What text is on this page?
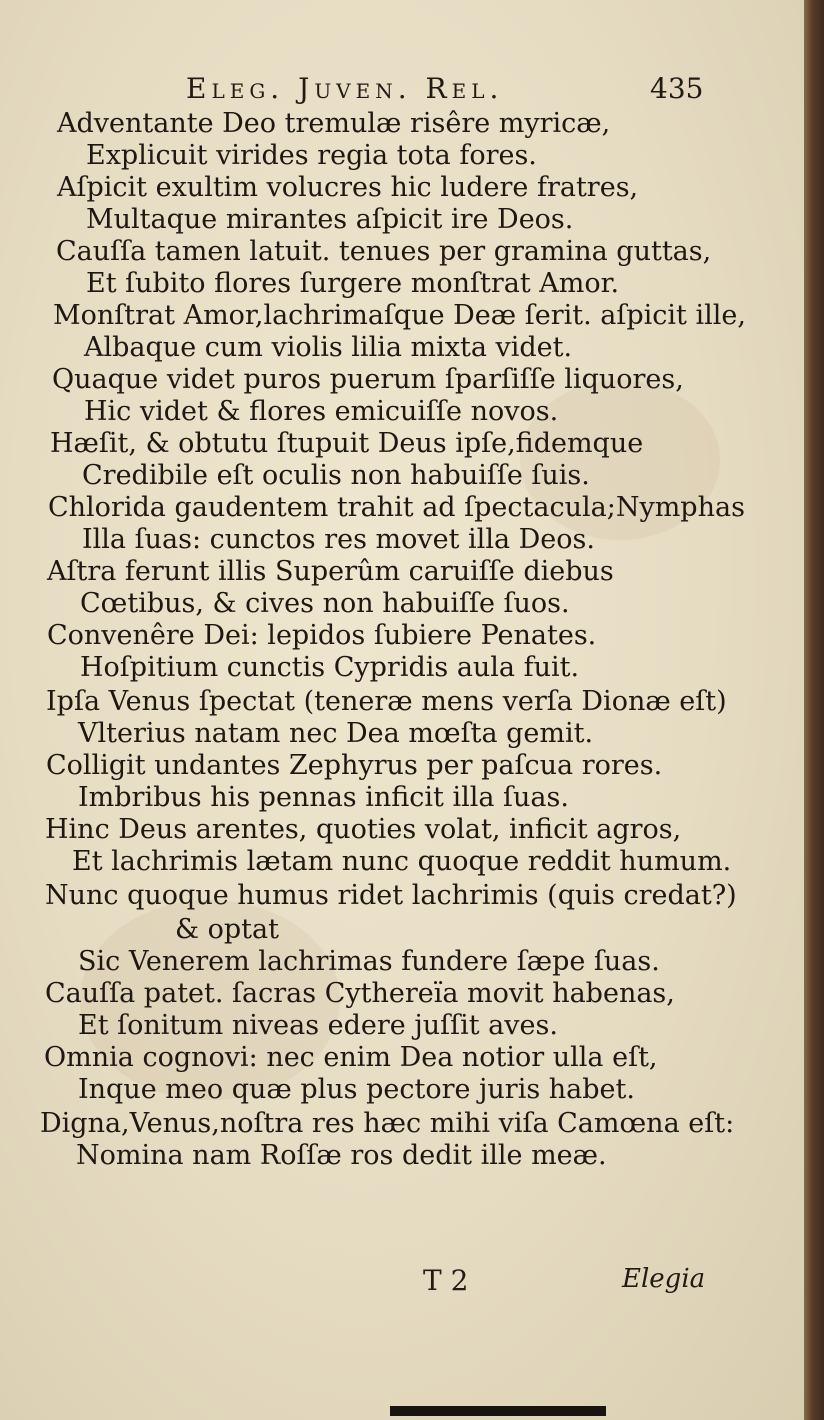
Eleg. Juven. Rel.	435
Adventante Deo tremulæ risêre myricæ,
Explicuit virides regia tota fores.
Aſpicit exultim volucres hic ludere fratres,
Multaque mirantes aſpicit ire Deos.
Cauſſa tamen latuit. tenues per gramina guttas,
Et ſubito flores ſurgere monſtrat Amor.
Monſtrat Amor,lachrimaſque Deæ ſerit. aſpicit ille,
Albaque cum violis lilia mixta videt.
Quaque videt puros puerum ſparſiſſe liquores,
Hic videt & flores emicuiſſe novos.
Hæſit, & obtutu ſtupuit Deus ipſe,fidemque
Credibile eſt oculis non habuiſſe ſuis.
Chlorida gaudentem trahit ad ſpectacula;Nymphas
Illa ſuas: cunctos res movet illa Deos.
Aſtra ferunt illis Superûm caruiſſe diebus
Cœtibus, & cives non habuiſſe ſuos.
Convenêre Dei: lepidos ſubiere Penates.
Hoſpitium cunctis Cypridis aula fuit.
Ipſa Venus ſpectat (teneræ mens verſa Dionæ eſt)
Vlterius natam nec Dea mœſta gemit.
Colligit undantes Zephyrus per paſcua rores.
Imbribus his pennas inficit illa ſuas.
Hinc Deus arentes, quoties volat, inficit agros,
Et lachrimis lætam nunc quoque reddit humum.
Nunc quoque humus ridet lachrimis (quis credat?)
& optat
Sic Venerem lachrimas fundere ſæpe ſuas.
Cauſſa patet. ſacras Cythereïa movit habenas,
Et ſonitum niveas edere juſſit aves.
Omnia cognovi: nec enim Dea notior ulla eſt,
Inque meo quæ plus pectore juris habet.
Digna,Venus,noſtra res hæc mihi viſa Camœna eſt:
Nomina nam Roſſæ ros dedit ille meæ.
T 2	Elegia
